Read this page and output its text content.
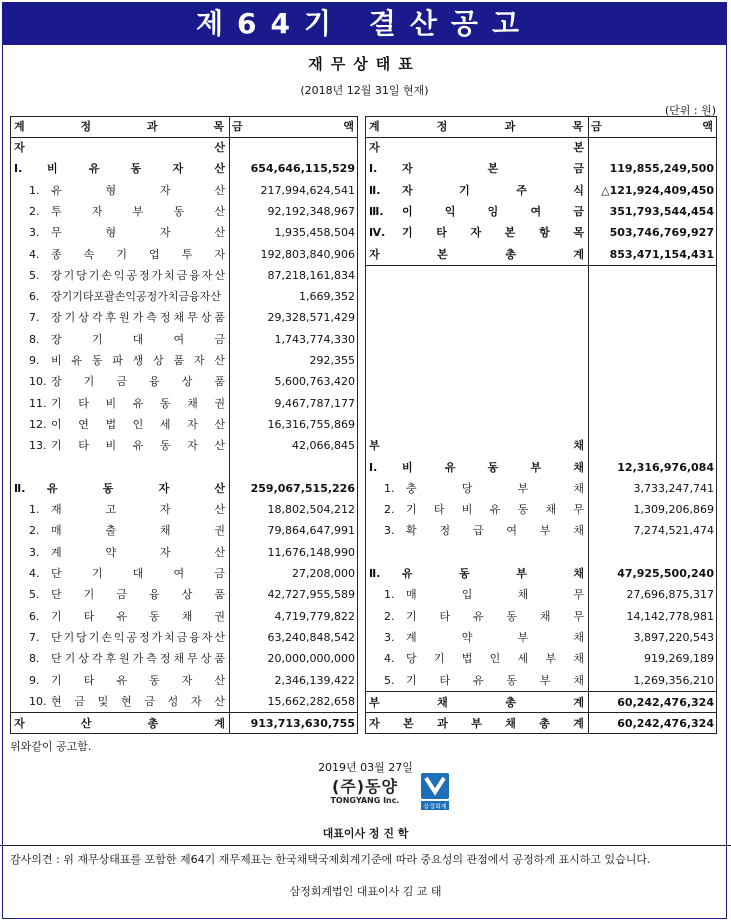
제64기 결산공고
재무상태표
(2018년 12월 31일 현재)
(단위 : 원)
계	정	과	목 금	액
자	산
Ⅰ. 비	유	동	자	산	654,646,115,529
1. 유	형	자	산	217,994,624,541
2. 투	자	부	동	산	92,192,348,967
3. 무	형	자	산	1,935,458,504
4. 종 속 기 업 투 자	192,803,840,906
5. 장 기 당 기 손 익 공 정 가 치 금 융 자 산	87,218,161,834
6. 장기기타포괄손익공정가치금융자산	1,669,352
7. 장 기 상 각 후 원 가 측 정 채 무 상 품	29,328,571,429
8. 장	기	대	여	금	1,743,774,330
9. 비 유 동 파 생 상 품 자 산	292,355
10. 장 기 금 융 상 품	5,600,763,420
11. 기 타 비 유 동 채 권	9,467,787,177
12. 이 연 법 인 세 자 산	16,316,755,869
13. 기 타 비 유 동 자 산	42,066,845
Ⅱ. 유	동	자	산	259,067,515,226
1. 재	고	자	산	18,802,504,212
2. 매	출	채	권	79,864,647,991
3. 계	약	자	산	11,676,148,990
4. 단	기	대	여	금	27,208,000
5. 단 기 금 융 상 품	42,727,955,589
6. 기 타 유 동 채 권	4,719,779,822
7. 단 기 당 기 손 익 공 정 가 치 금 융 자 산	63,240,848,542
8. 단 기 상 각 후 원 가 측 정 채 무 상 품	20,000,000,000
9. 기 타 유 동 자 산	2,346,139,422
10. 현 금 및 현 금 성 자 산	15,662,282,658
자	산	총	계	913,713,630,755
계	정	과	목 금	액
자	본
Ⅰ. 자	본	금	119,855,249,500
Ⅱ. 자	기	주	식	△121,924,409,450
Ⅲ. 이	익	잉	여	금	351,793,544,454
Ⅳ. 기 타 자 본 항 목	503,746,769,927
자	본	총	계	853,471,154,431
부	채
Ⅰ. 비	유	동	부	채	12,316,976,084
1. 충	당	부	채	3,733,247,741
2. 기 타 비 유 동 채 무	1,309,206,869
3. 확 정 급 여 부 채	7,274,521,474
Ⅱ. 유	동	부	채	47,925,500,240
1. 매	입	채	무	27,696,875,317
2. 기 타 유 동 채 무	14,142,778,981
3. 계	약	부	채	3,897,220,543
4. 당 기 법 인 세 부 채	919,269,189
5. 기 타 유 동 부 채	1,269,356,210
부	채	총	계	60,242,476,324
자 본 과 부 채 총 계	60,242,476,324
위와같이 공고함.
2019년 03월 27일
(주)동양
TONGYANG Inc.
삼정회계
대표이사 정 진 학
감사의견 : 위 재무상태표를 포함한 제64기 재무제표는 한국채택국제회계기준에 따라 중요성의 관점에서 공정하게 표시하고 있습니다.
삼정회계법인 대표이사 김 교 태
